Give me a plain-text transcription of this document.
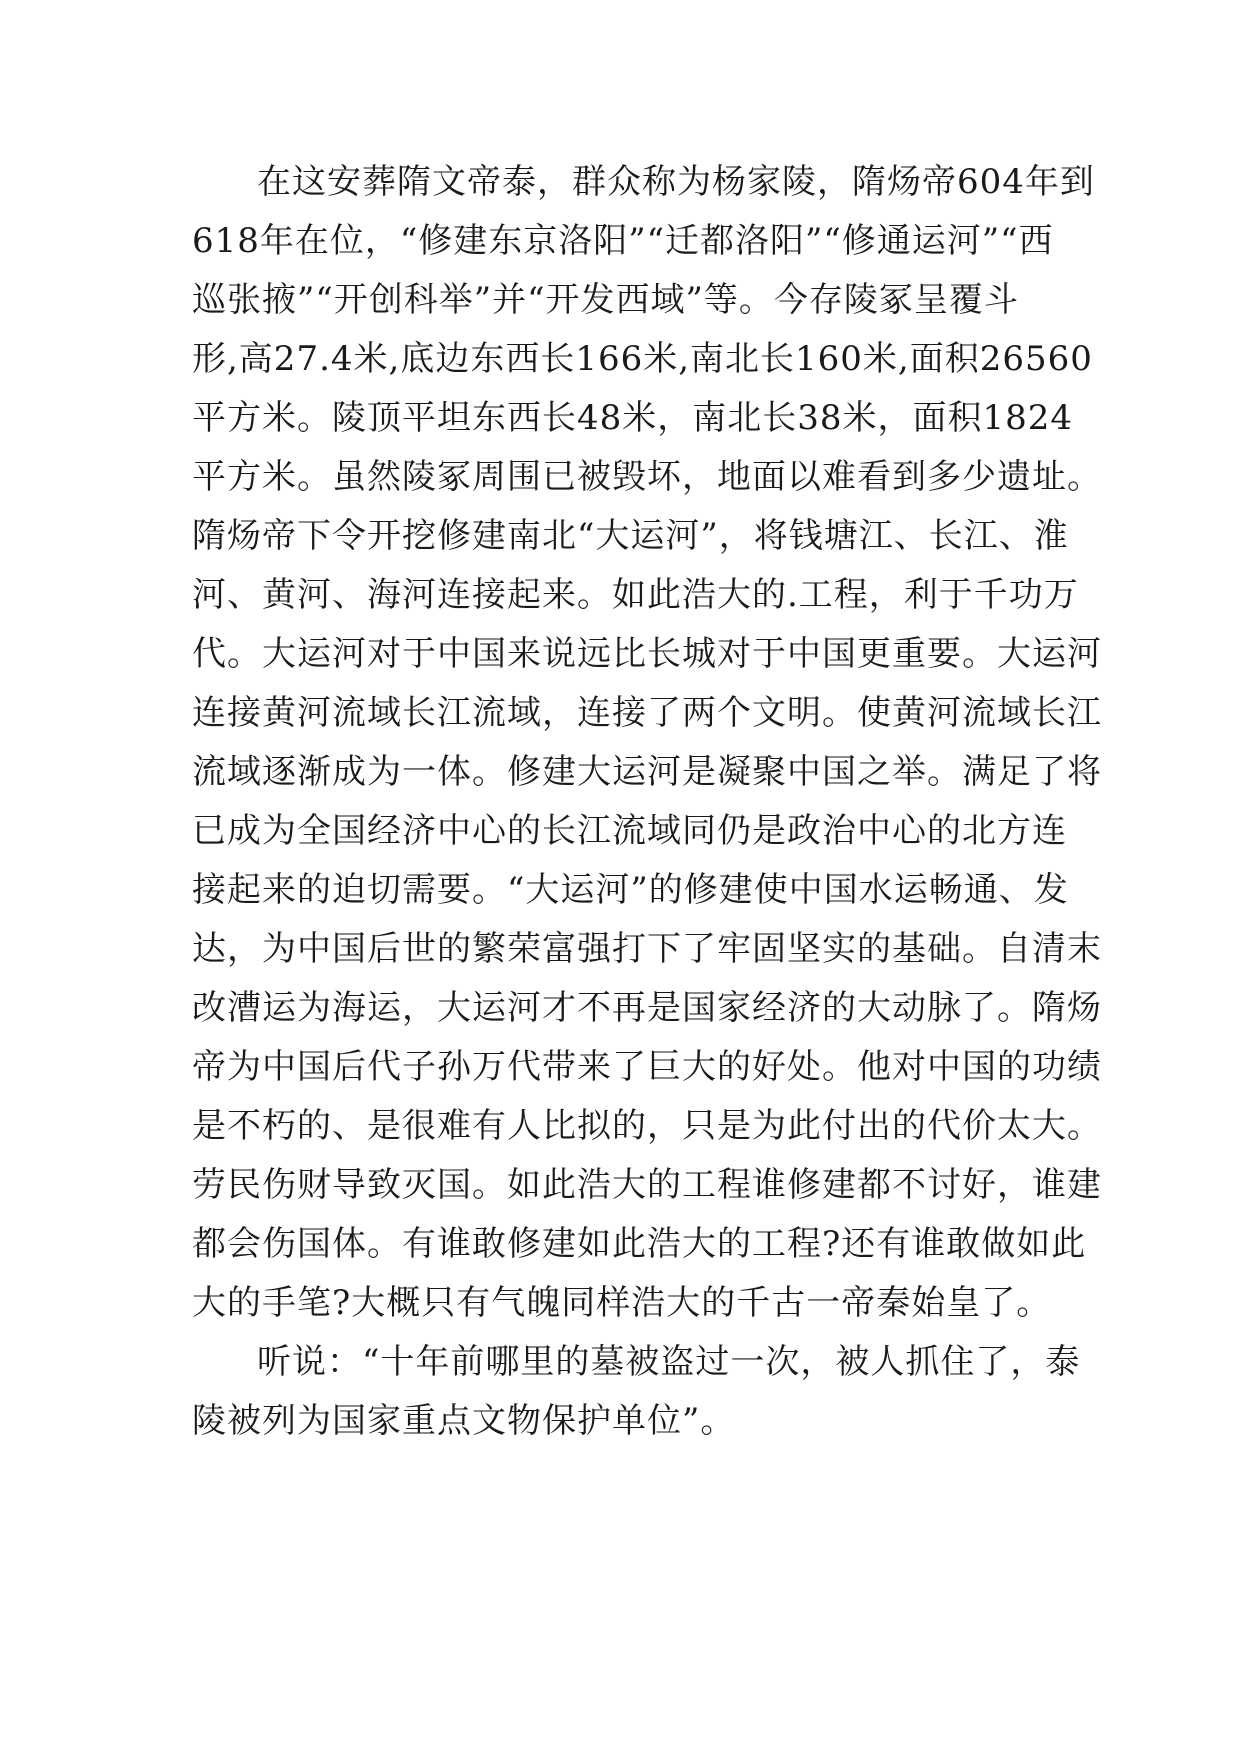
在这安葬隋文帝泰，群众称为杨家陵，隋炀帝604年到
618年在位，“修建东京洛阳”“迁都洛阳”“修通运河”“西
巡张掖”“开创科举”并“开发西域”等。今存陵冢呈覆斗
形,高27.4米,底边东西长166米,南北长160米,面积26560
平方米。陵顶平坦东西长48米，南北长38米，面积1824
平方米。虽然陵冢周围已被毁坏，地面以难看到多少遗址。
隋炀帝下令开挖修建南北“大运河”，将钱塘江、长江、淮
河、黄河、海河连接起来。如此浩大的.工程，利于千功万
代。大运河对于中国来说远比长城对于中国更重要。大运河
连接黄河流域长江流域，连接了两个文明。使黄河流域长江
流域逐渐成为一体。修建大运河是凝聚中国之举。满足了将
已成为全国经济中心的长江流域同仍是政治中心的北方连
接起来的迫切需要。“大运河”的修建使中国水运畅通、发
达，为中国后世的繁荣富强打下了牢固坚实的基础。自清末
改漕运为海运，大运河才不再是国家经济的大动脉了。隋炀
帝为中国后代子孙万代带来了巨大的好处。他对中国的功绩
是不朽的、是很难有人比拟的，只是为此付出的代价太大。
劳民伤财导致灭国。如此浩大的工程谁修建都不讨好，谁建
都会伤国体。有谁敢修建如此浩大的工程?还有谁敢做如此
大的手笔?大概只有气魄同样浩大的千古一帝秦始皇了。
听说：“十年前哪里的墓被盗过一次，被人抓住了，泰
陵被列为国家重点文物保护单位”。
